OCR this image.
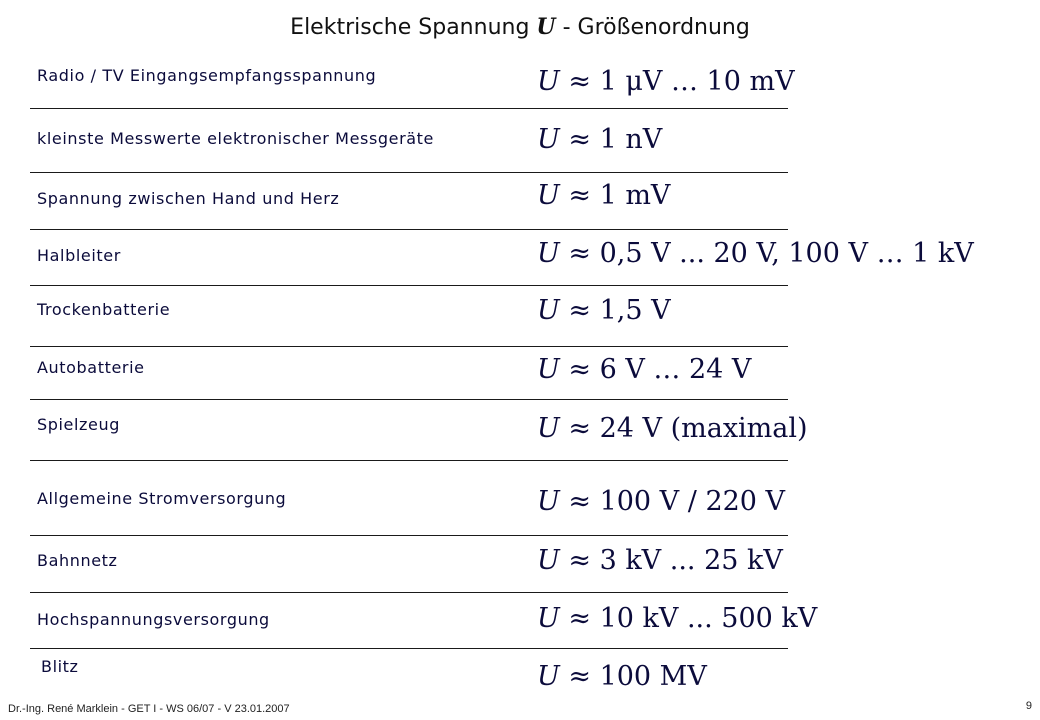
Elektrische Spannung U - Größenordnung
Radio / TV Eingangsempfangsspannung	U ≈ 1 μV … 10 mV
kleinste Messwerte elektronischer Messgeräte	U ≈ 1 nV
Spannung zwischen Hand und Herz	U ≈ 1 mV
Halbleiter	U ≈ 0,5 V ... 20 V, 100 V … 1 kV
Trockenbatterie	U ≈ 1,5 V
Autobatterie	U ≈ 6 V … 24 V
Spielzeug	U ≈ 24 V (maximal)
Allgemeine Stromversorgung	U ≈ 100 V / 220 V
Bahnnetz	U ≈ 3 kV ... 25 kV
Hochspannungsversorgung	U ≈ 10 kV ... 500 kV
Blitz	U ≈ 100 MV
Dr.-Ing. René Marklein - GET I - WS 06/07 - V 23.01.2007	9
